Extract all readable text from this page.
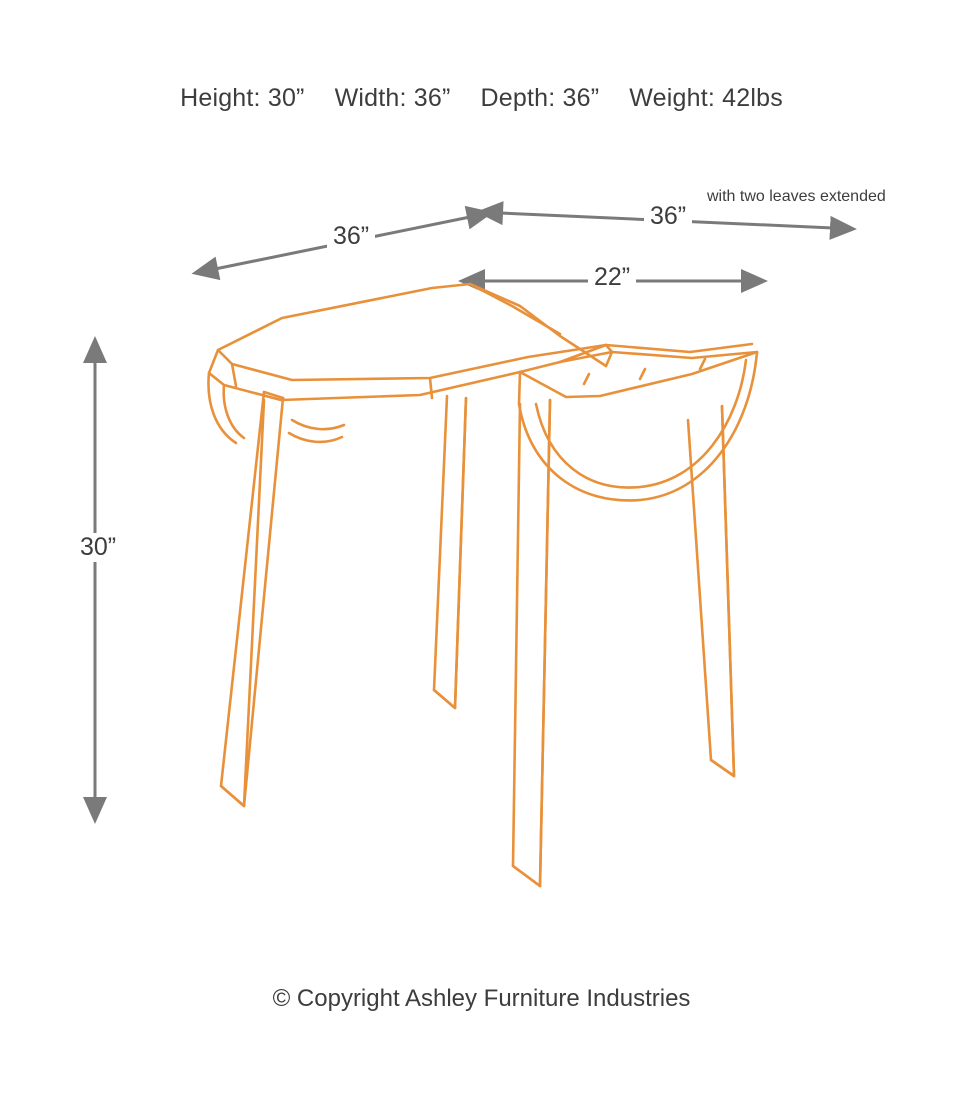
Height: 30” Width: 36” Depth: 36” Weight: 42lbs
36”
36”
22”
30”
with two leaves extended
© Copyright Ashley Furniture Industries
